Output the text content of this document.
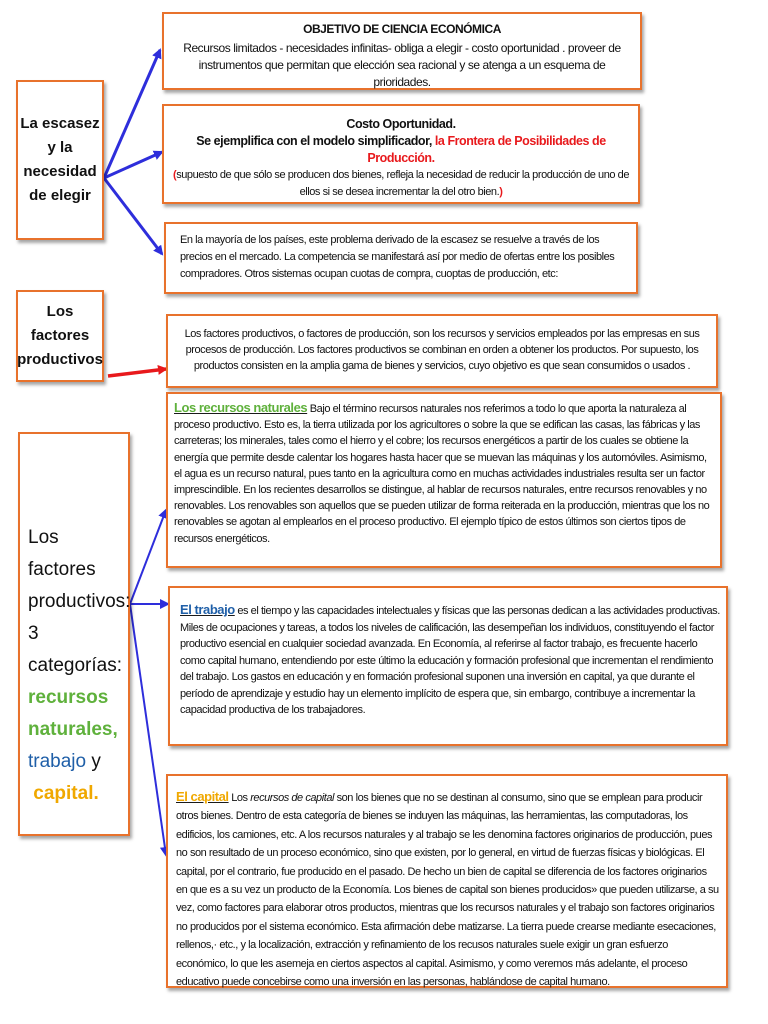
La escasez y la necesidad de elegir
Los factores productivos
Los factores productivos: 3 categorías:
recursos naturales,
trabajo y
capital.
OBJETIVO DE CIENCIA ECONÓMICA
Recursos limitados - necesidades infinitas- obliga a elegir - costo oportunidad . proveer de instrumentos que permitan que elección sea racional y se atenga a un esquema de prioridades.
Costo Oportunidad.
Se ejemplifica con el modelo simplificador, la Frontera de Posibilidades de Producción.
(supuesto de que sólo se producen dos bienes, refleja la necesidad de reducir la producción de uno de ellos si se desea incrementar la del otro bien.)
En la mayoría de los países, este problema derivado de la escasez se resuelve a través de los precios en el mercado. La competencia se manifestará así por medio de ofertas entre los posibles compradores. Otros sistemas ocupan cuotas de compra, cuoptas de producción, etc:
Los factores productivos, o factores de producción, son los recursos y servicios empleados por las empresas en sus procesos de producción. Los factores productivos se combinan en orden a obtener los productos. Por supuesto, los productos consisten en la amplia gama de bienes y servicios, cuyo objetivo es que sean consumidos o usados .
Los recursos naturales Bajo el término recursos naturales nos referimos a todo lo que aporta la naturaleza al proceso productivo. Esto es, la tierra utilizada por los agricultores o sobre la que se edifican las casas, las fábricas y las carreteras; los minerales, tales como el hierro y el cobre; los recursos energéticos a partir de los cuales se obtiene la energía que permite desde calentar los hogares hasta hacer que se muevan las máquinas y los automóviles. Asimismo, el agua es un recurso natural, pues tanto en la agricultura como en muchas actividades industriales resulta ser un factor imprescindible. En los recientes desarrollos se distingue, al hablar de recursos naturales, entre recursos renovables y no renovables. Los renovables son aquellos que se pueden utilizar de forma reiterada en la producción, mientras que los no renovables se agotan al emplearlos en el proceso productivo. El ejemplo típico de estos últimos son ciertos tipos de recursos energéticos.
El trabajo es el tiempo y las capacidades intelectuales y físicas que las personas dedican a las actividades productivas. Miles de ocupaciones y tareas, a todos los niveles de calificación, las desempeñan los individuos, constituyendo el factor productivo esencial en cualquier sociedad avanzada. En Economía, al referirse al factor trabajo, es frecuente hacerlo como capital humano, entendiendo por este último la educación y formación profesional que incrementan el rendimiento del trabajo. Los gastos en educación y en formación profesional suponen una inversión en capital, ya que durante el período de aprendizaje y estudio hay un elemento implícito de espera que, sin embargo, contribuye a incrementar la capacidad productiva de los trabajadores.
El capital Los recursos de capital son los bienes que no se destinan al consumo, sino que se emplean para producir otros bienes. Dentro de esta categoría de bienes se induyen las máquinas, las herramientas, las computadoras, los edificios, los camiones, etc. A los recursos naturales y al trabajo se les denomina factores originarios de producción, pues no son resultado de un proceso económico, sino que existen, por lo general, en virtud de fuerzas físicas y biológicas. El capital, por el contrario, fue producido en el pasado. De hecho un bien de capital se diferencia de los factores originarios en que es a su vez un producto de la Economía. Los bienes de capital son bienes producidos» que pueden utilizarse, a su vez, como factores para elaborar otros productos, mientras que los recursos naturales y el trabajo son factores originarios no producidos por el sistema económico. Esta afirmación debe matizarse. La tierra puede crearse mediante esecaciones, rellenos,· etc., y la localización, extracción y refinamiento de los recusos naturales suele exigir un gran esfuerzo económico, lo que les asemeja en ciertos aspectos al capital. Asimismo, y como veremos más adelante, el proceso educativo puede concebirse como una inversión en las personas, hablándose de capital humano.
